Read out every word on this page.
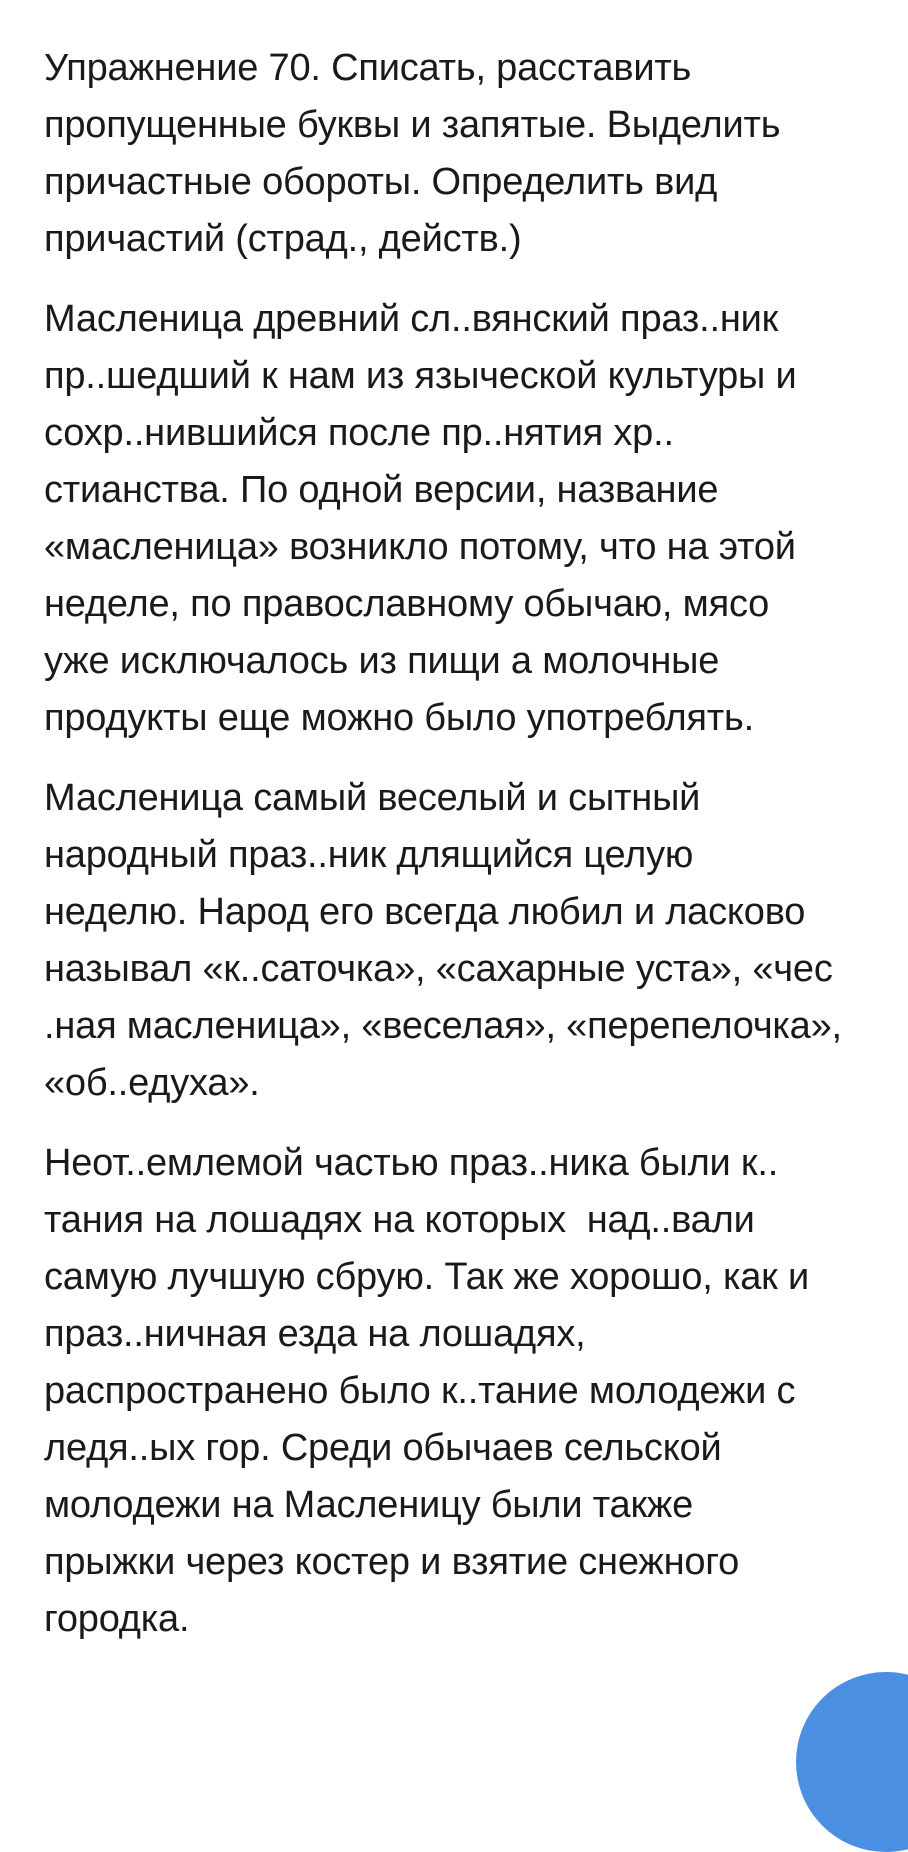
Упражнение 70. Списать, расставить
пропущенные буквы и запятые. Выделить
причастные обороты. Определить вид
причастий (страд., действ.)
Масленица древний сл..вянский праз..ник
пр..шедший к нам из языческой культуры и
сохр..нившийся после пр..нятия хр..
стианства. По одной версии, название
«масленица» возникло потому, что на этой
неделе, по православному обычаю, мясо
уже исключалось из пищи а молочные
продукты еще можно было употреблять.
Масленица самый веселый и сытный
народный праз..ник длящийся целую
неделю. Народ его всегда любил и ласково
называл «к..саточка», «сахарные уста», «чес
.ная масленица», «веселая», «перепелочка»,
«об..едуха».
Неот..емлемой частью праз..ника были к..
тания на лошадях на которых  над..вали
самую лучшую сбрую. Так же хорошо, как и
праз..ничная езда на лошадях,
распространено было к..тание молодежи с
ледя..ых гор. Среди обычаев сельской
молодежи на Масленицу были также
прыжки через костер и взятие снежного
городка.
